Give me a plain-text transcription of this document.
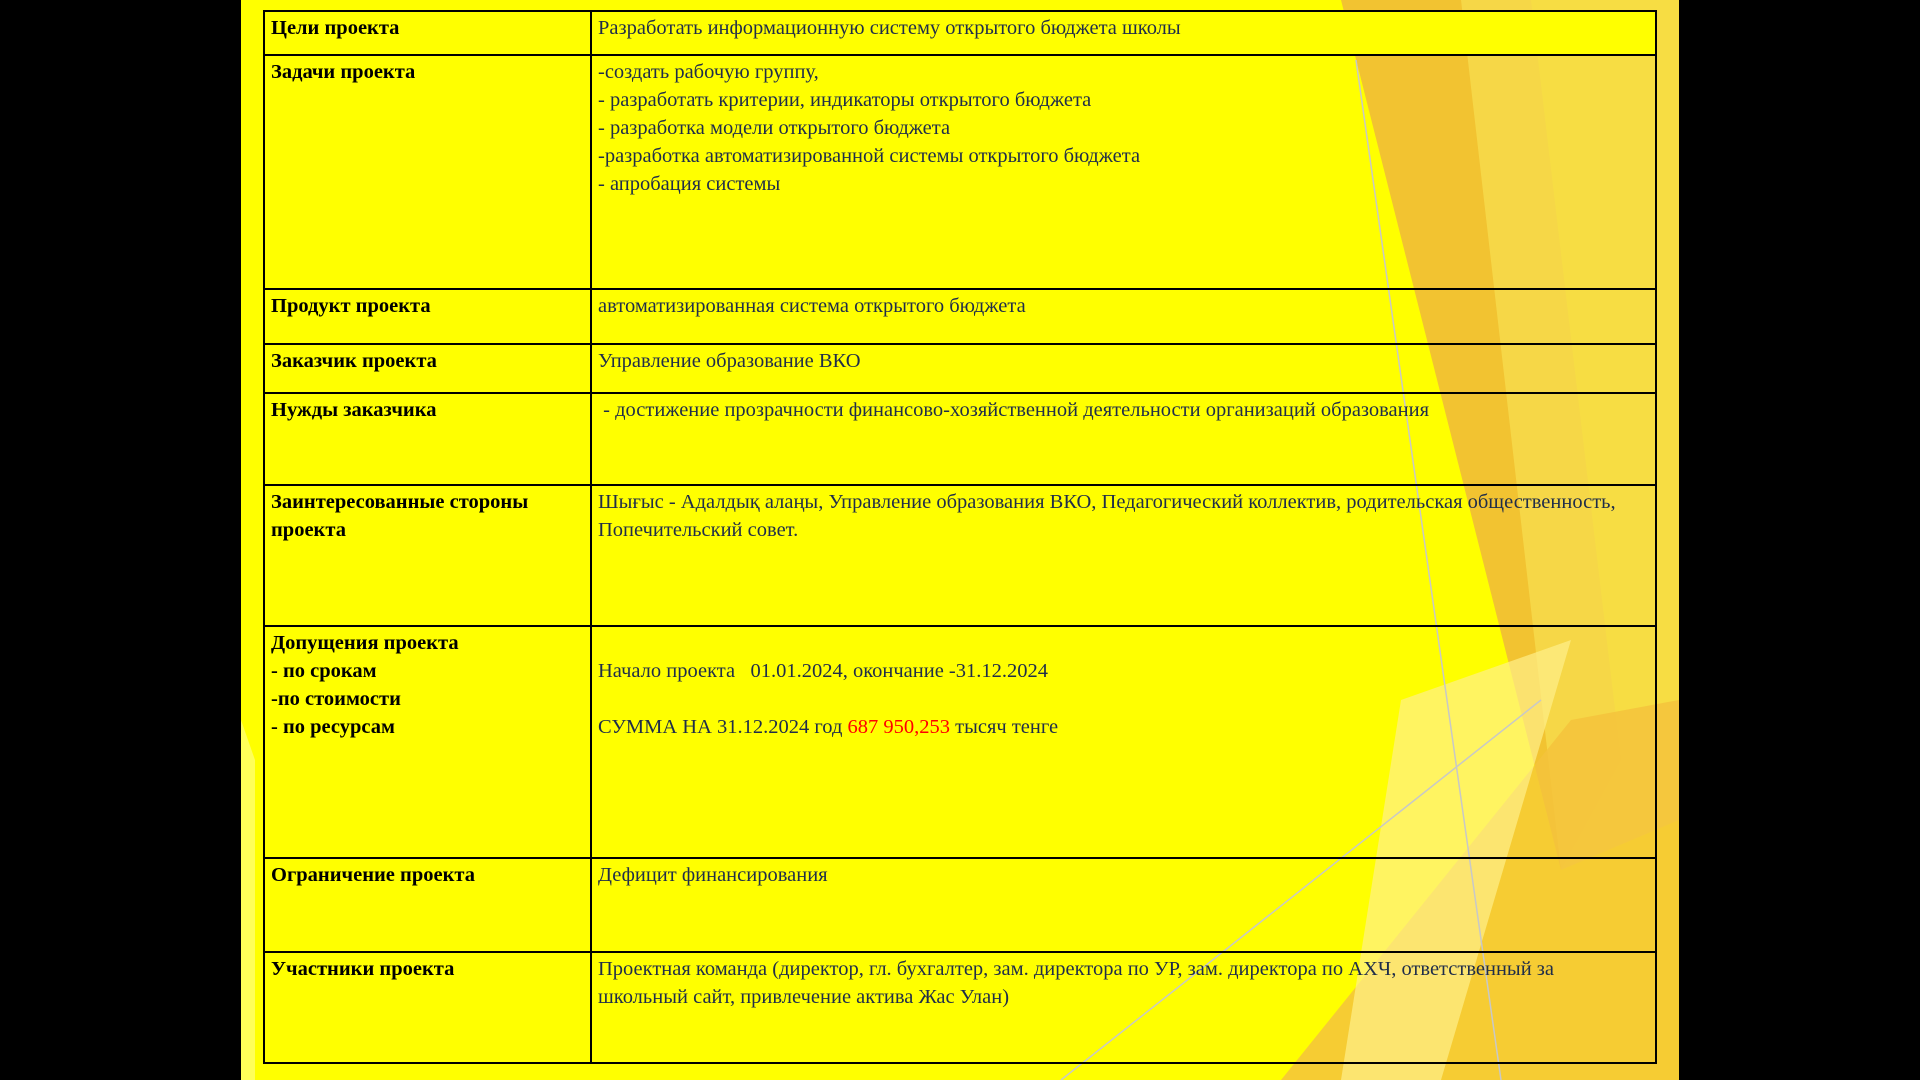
Цели проекта	Разработать информационную систему открытого бюджета школы

Задачи проекта	-создать рабочую группу,
- разработать критерии, индикаторы открытого бюджета
- разработка модели открытого бюджета
-разработка автоматизированной системы открытого бюджета
- апробация системы

Продукт проекта	автоматизированная система открытого бюджета

Заказчик проекта	Управление образование ВКО

Нужды заказчика	- достижение прозрачности финансово-хозяйственной деятельности организаций образования

Заинтересованные стороны проекта	Шығыс - Адалдық алаңы, Управление образования ВКО, Педагогический коллектив, родительская общественность, Попечительский совет.

Допущения проекта
- по срокам
-по стоимости
- по ресурсам	Начало проекта   01.01.2024, окончание -31.12.2024
СУММА НА 31.12.2024 год 687 950,253 тысяч тенге

Ограничение проекта	Дефицит финансирования

Участники проекта	Проектная команда (директор, гл. бухгалтер, зам. директора по УР, зам. директора по АХЧ, ответственный за школьный сайт, привлечение актива Жас Улан)
